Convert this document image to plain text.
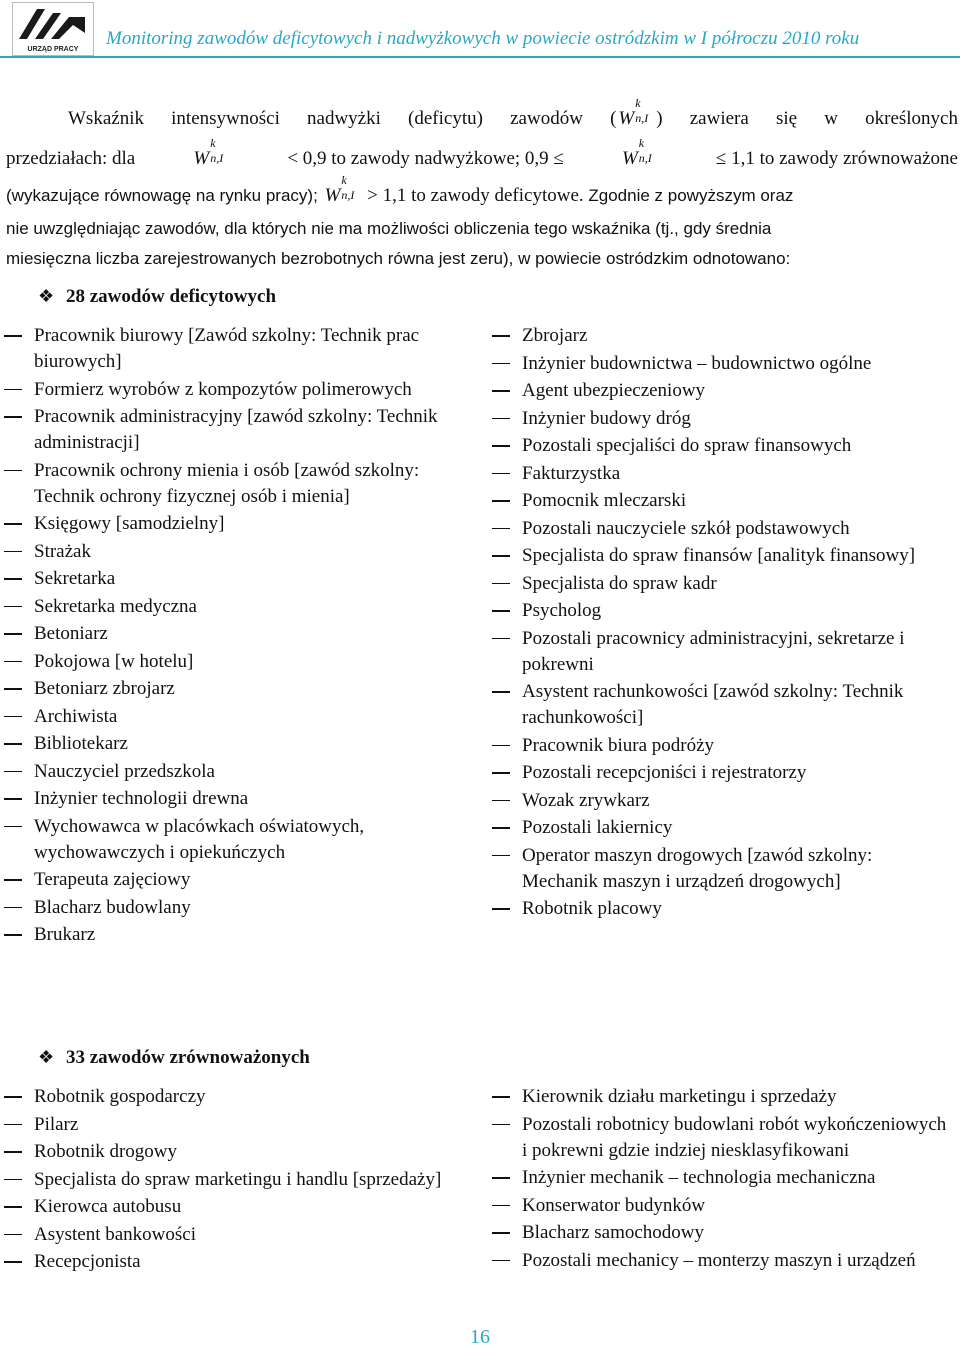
URZĄD PRACY
Monitoring zawodów deficytowych i nadwyżkowych w powiecie ostródzkim w I półroczu 2010 roku
Wskaźnik intensywności nadwyżki (deficytu) zawodów ( W
k
n,I ) zawiera się w określonych
przedziałach: dla	W
k
n,I	< 0,9 to zawody nadwyżkowe; 0,9 ≤	W
k
n,I	≤ 1,1 to zawody zrównoważone
(wykazujące równowagę na rynku pracy); W
k
n,I > 1,1 to zawody deficytowe. Zgodnie z powyższym oraz
nie uwzględniając zawodów, dla których nie ma możliwości obliczenia tego wskaźnika (tj., gdy średnia
miesięczna liczba zarejestrowanych bezrobotnych równa jest zeru), w powiecie ostródzkim odnotowano:
❖ 28 zawodów deficytowych
Pracownik biurowy [Zawód szkolny: Technik prac biurowych]
Formierz wyrobów z kompozytów polimerowych
Pracownik administracyjny [zawód szkolny: Technik administracji]
Pracownik ochrony mienia i osób [zawód szkolny: Technik ochrony fizycznej osób i mienia]
Księgowy [samodzielny]
Strażak
Sekretarka
Sekretarka medyczna
Betoniarz
Pokojowa [w hotelu]
Betoniarz zbrojarz
Archiwista
Bibliotekarz
Nauczyciel przedszkola
Inżynier technologii drewna
Wychowawca w placówkach oświatowych, wychowawczych i opiekuńczych
Terapeuta zajęciowy
Blacharz budowlany
Brukarz
Zbrojarz
Inżynier budownictwa – budownictwo ogólne
Agent ubezpieczeniowy
Inżynier budowy dróg
Pozostali specjaliści do spraw finansowych
Fakturzystka
Pomocnik mleczarski
Pozostali nauczyciele szkół podstawowych
Specjalista do spraw finansów [analityk finansowy]
Specjalista do spraw kadr
Psycholog
Pozostali pracownicy administracyjni, sekretarze i pokrewni
Asystent rachunkowości [zawód szkolny: Technik rachunkowości]
Pracownik biura podróży
Pozostali recepcjoniści i rejestratorzy
Wozak zrywkarz
Pozostali lakiernicy
Operator maszyn drogowych [zawód szkolny: Mechanik maszyn i urządzeń drogowych]
Robotnik placowy
❖ 33 zawodów zrównoważonych
Robotnik gospodarczy
Pilarz
Robotnik drogowy
Specjalista do spraw marketingu i handlu [sprzedaży]
Kierowca autobusu
Asystent bankowości
Recepcjonista
Kierownik działu marketingu i sprzedaży
Pozostali robotnicy budowlani robót wykończeniowych i pokrewni gdzie indziej niesklasyfikowani
Inżynier mechanik – technologia mechaniczna
Konserwator budynków
Blacharz samochodowy
Pozostali mechanicy – monterzy maszyn i urządzeń
16
